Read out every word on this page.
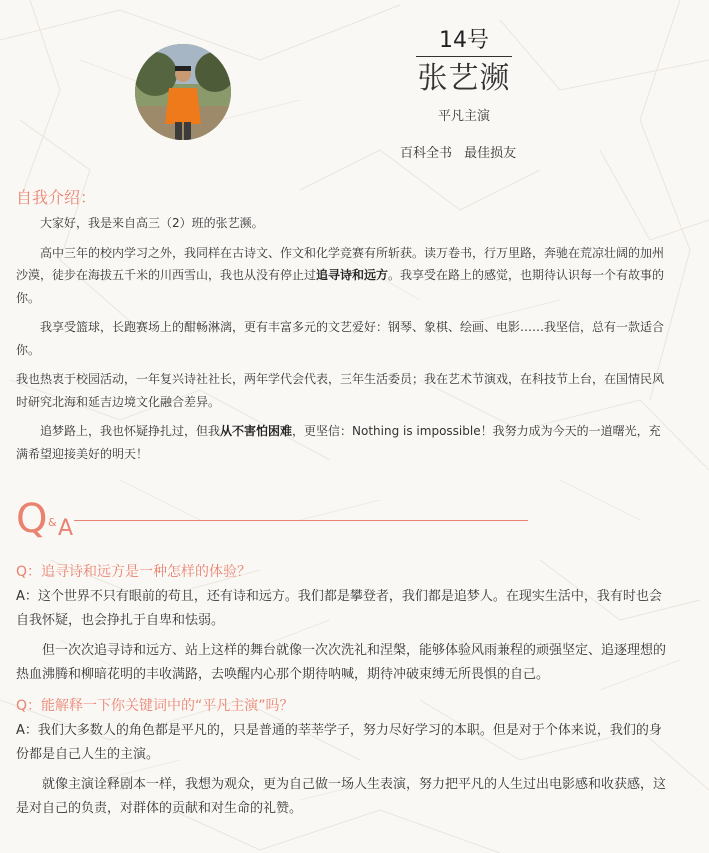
14号
张艺濒
平凡主演
百科全书 最佳损友
自我介绍：

大家好，我是来自高三（2）班的张艺濒。

高中三年的校内学习之外，我同样在古诗文、作文和化学竞赛有所斩获。读万卷书，行万里路，奔驰在荒凉壮阔的加州沙漠，徒步在海拔五千米的川西雪山，我也从没有停止过追寻诗和远方。我享受在路上的感觉，也期待认识每一个有故事的你。

我享受篮球，长跑赛场上的酣畅淋漓，更有丰富多元的文艺爱好：钢琴、象棋、绘画、电影……我坚信，总有一款适合你。

我也热衷于校园活动，一年复兴诗社社长，两年学代会代表，三年生活委员；我在艺术节演戏，在科技节上台，在国情民风时研究北海和延吉边境文化融合差异。

追梦路上，我也怀疑挣扎过，但我从不害怕困难，更坚信：Nothing is impossible！我努力成为今天的一道曙光，充满希望迎接美好的明天！

Q & A

Q：追寻诗和远方是一种怎样的体验？

A：这个世界不只有眼前的苟且，还有诗和远方。我们都是攀登者，我们都是追梦人。在现实生活中，我有时也会自我怀疑，也会挣扎于自卑和怯弱。

但一次次追寻诗和远方、站上这样的舞台就像一次次洗礼和涅槃，能够体验风雨兼程的顽强坚定、追逐理想的热血沸腾和柳暗花明的丰收满路，去唤醒内心那个期待呐喊，期待冲破束缚无所畏惧的自己。

Q：能解释一下你关键词中的“平凡主演”吗？

A：我们大多数人的角色都是平凡的，只是普通的莘莘学子，努力尽好学习的本职。但是对于个体来说，我们的身份都是自己人生的主演。

就像主演诠释剧本一样，我想为观众，更为自己做一场人生表演，努力把平凡的人生过出电影感和收获感，这是对自己的负责，对群体的贡献和对生命的礼赞。
